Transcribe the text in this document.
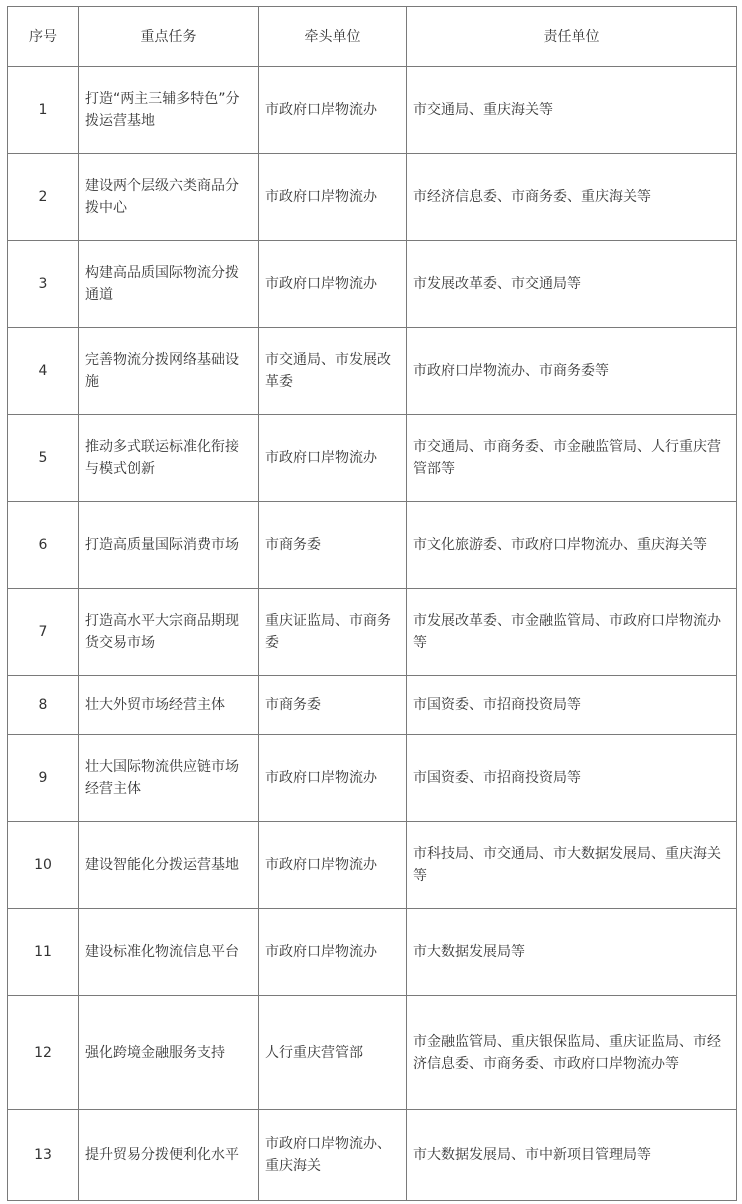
序号	重点任务	牵头单位	责任单位
1	打造“两主三辅多特色”分拨运营基地	市政府口岸物流办	市交通局、重庆海关等
2	建设两个层级六类商品分拨中心	市政府口岸物流办	市经济信息委、市商务委、重庆海关等
3	构建高品质国际物流分拨通道	市政府口岸物流办	市发展改革委、市交通局等
4	完善物流分拨网络基础设施	市交通局、市发展改革委	市政府口岸物流办、市商务委等
5	推动多式联运标准化衔接与模式创新	市政府口岸物流办	市交通局、市商务委、市金融监管局、人行重庆营管部等
6	打造高质量国际消费市场	市商务委	市文化旅游委、市政府口岸物流办、重庆海关等
7	打造高水平大宗商品期现货交易市场	重庆证监局、市商务委	市发展改革委、市金融监管局、市政府口岸物流办等
8	壮大外贸市场经营主体	市商务委	市国资委、市招商投资局等
9	壮大国际物流供应链市场经营主体	市政府口岸物流办	市国资委、市招商投资局等
10	建设智能化分拨运营基地	市政府口岸物流办	市科技局、市交通局、市大数据发展局、重庆海关等
11	建设标准化物流信息平台	市政府口岸物流办	市大数据发展局等
12	强化跨境金融服务支持	人行重庆营管部	市金融监管局、重庆银保监局、重庆证监局、市经济信息委、市商务委、市政府口岸物流办等
13	提升贸易分拨便利化水平	市政府口岸物流办、重庆海关	市大数据发展局、市中新项目管理局等
